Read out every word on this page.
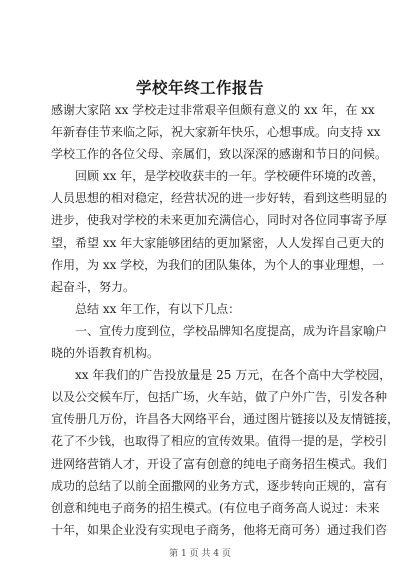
学校年终工作报告
感谢大家陪 xx 学校走过非常艰辛但颇有意义的 xx 年，在 xx
年新春佳节来临之际，祝大家新年快乐，心想事成。向支持 xx
学校工作的各位父母、亲属们，致以深深的感谢和节日的问候。
回顾 xx 年，是学校收获丰的一年。学校硬件环境的改善，
人员思想的相对稳定，经营状况的进一步好转，看到这些明显的
进步，使我对学校的未来更加充满信心，同时对各位同事寄予厚
望，希望 xx 年大家能够团结的更加紧密，人人发挥自己更大的
作用，为 xx 学校，为我们的团队集体，为个人的事业理想，一
起奋斗，努力。
总结 xx 年工作，有以下几点：
一、宣传力度到位，学校品牌知名度提高，成为许昌家喻户
晓的外语教育机构。
xx 年我们的广告投放量是 25 万元，在各个高中大学校园，
以及公交候车厅，包括广场，火车站，做了户外广告，引发各种
宣传册几万份，许昌各大网络平台，通过图片链接以及友情链接，
花了不少钱，也取得了相应的宣传效果。值得一提的是，学校引
进网络营销人才，开设了富有创意的纯电子商务招生模式。我们
成功的总结了以前全面撒网的业务方式，逐步转向正规的，富有
创意和纯电子商务的招生模式。(有位电子商务高人说过：未来
十年，如果企业没有实现电子商务，他将无商可务）通过我们咨
第 1 页 共 4 页
